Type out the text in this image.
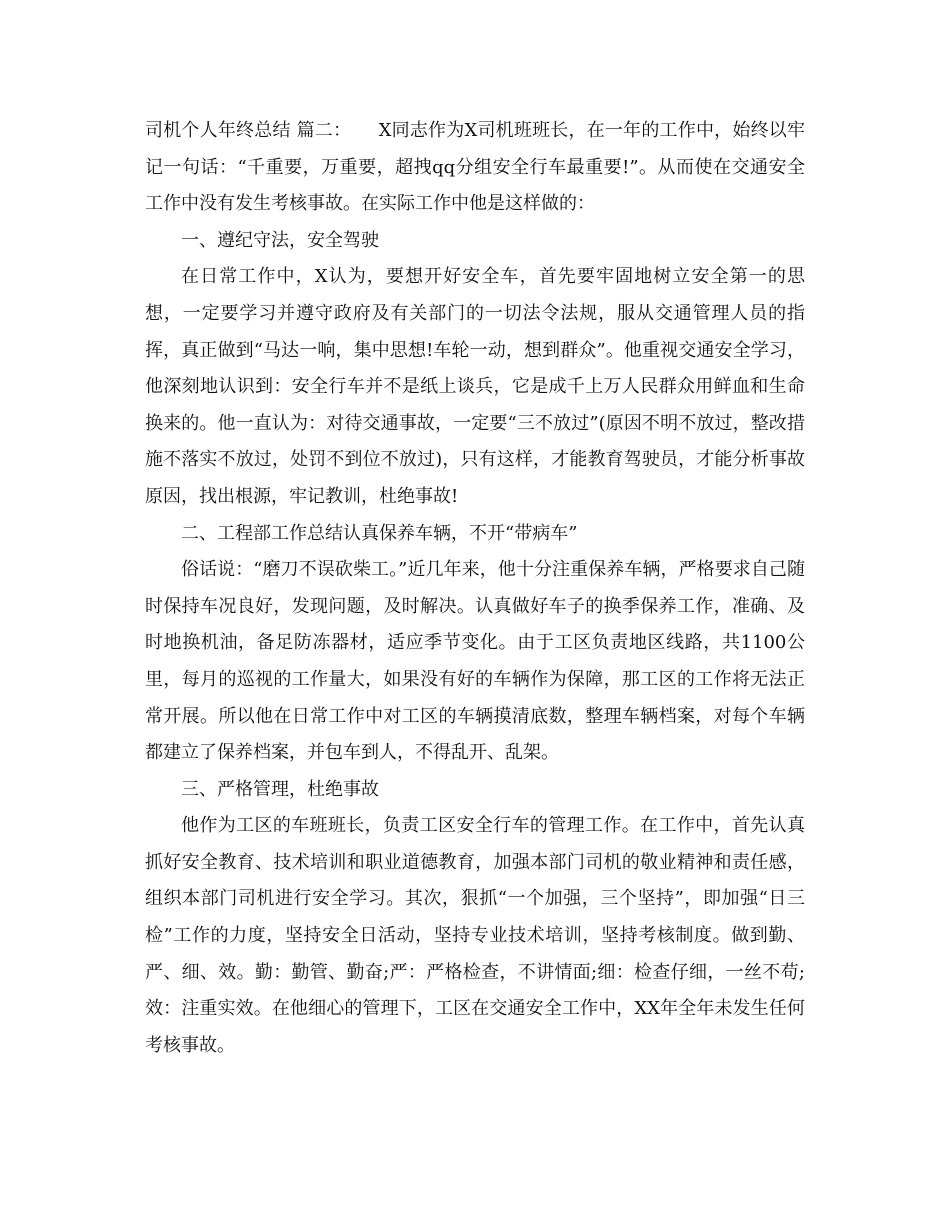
司机个人年终总结 篇二：　　X同志作为X司机班班长，在一年的工作中，始终以牢记一句话：“千重要，万重要，超拽qq分组安全行车最重要!”。从而使在交通安全工作中没有发生考核事故。在实际工作中他是这样做的：

一、遵纪守法，安全驾驶

在日常工作中，X认为，要想开好安全车，首先要牢固地树立安全第一的思想，一定要学习并遵守政府及有关部门的一切法令法规，服从交通管理人员的指挥，真正做到“马达一响，集中思想!车轮一动，想到群众”。他重视交通安全学习，他深刻地认识到：安全行车并不是纸上谈兵，它是成千上万人民群众用鲜血和生命换来的。他一直认为：对待交通事故，一定要“三不放过”(原因不明不放过，整改措施不落实不放过，处罚不到位不放过)，只有这样，才能教育驾驶员，才能分析事故原因，找出根源，牢记教训，杜绝事故!

二、工程部工作总结认真保养车辆，不开“带病车”

俗话说：“磨刀不误砍柴工。”近几年来，他十分注重保养车辆，严格要求自己随时保持车况良好，发现问题，及时解决。认真做好车子的换季保养工作，准确、及时地换机油，备足防冻器材，适应季节变化。由于工区负责地区线路，共1100公里，每月的巡视的工作量大，如果没有好的车辆作为保障，那工区的工作将无法正常开展。所以他在日常工作中对工区的车辆摸清底数，整理车辆档案，对每个车辆都建立了保养档案，并包车到人，不得乱开、乱架。

三、严格管理，杜绝事故

他作为工区的车班班长，负责工区安全行车的管理工作。在工作中，首先认真抓好安全教育、技术培训和职业道德教育，加强本部门司机的敬业精神和责任感，组织本部门司机进行安全学习。其次，狠抓“一个加强，三个坚持”，即加强“日三检”工作的力度，坚持安全日活动，坚持专业技术培训，坚持考核制度。做到勤、严、细、效。勤：勤管、勤奋;严：严格检查，不讲情面;细：检查仔细，一丝不苟;效：注重实效。在他细心的管理下，工区在交通安全工作中，XX年全年未发生任何考核事故。
